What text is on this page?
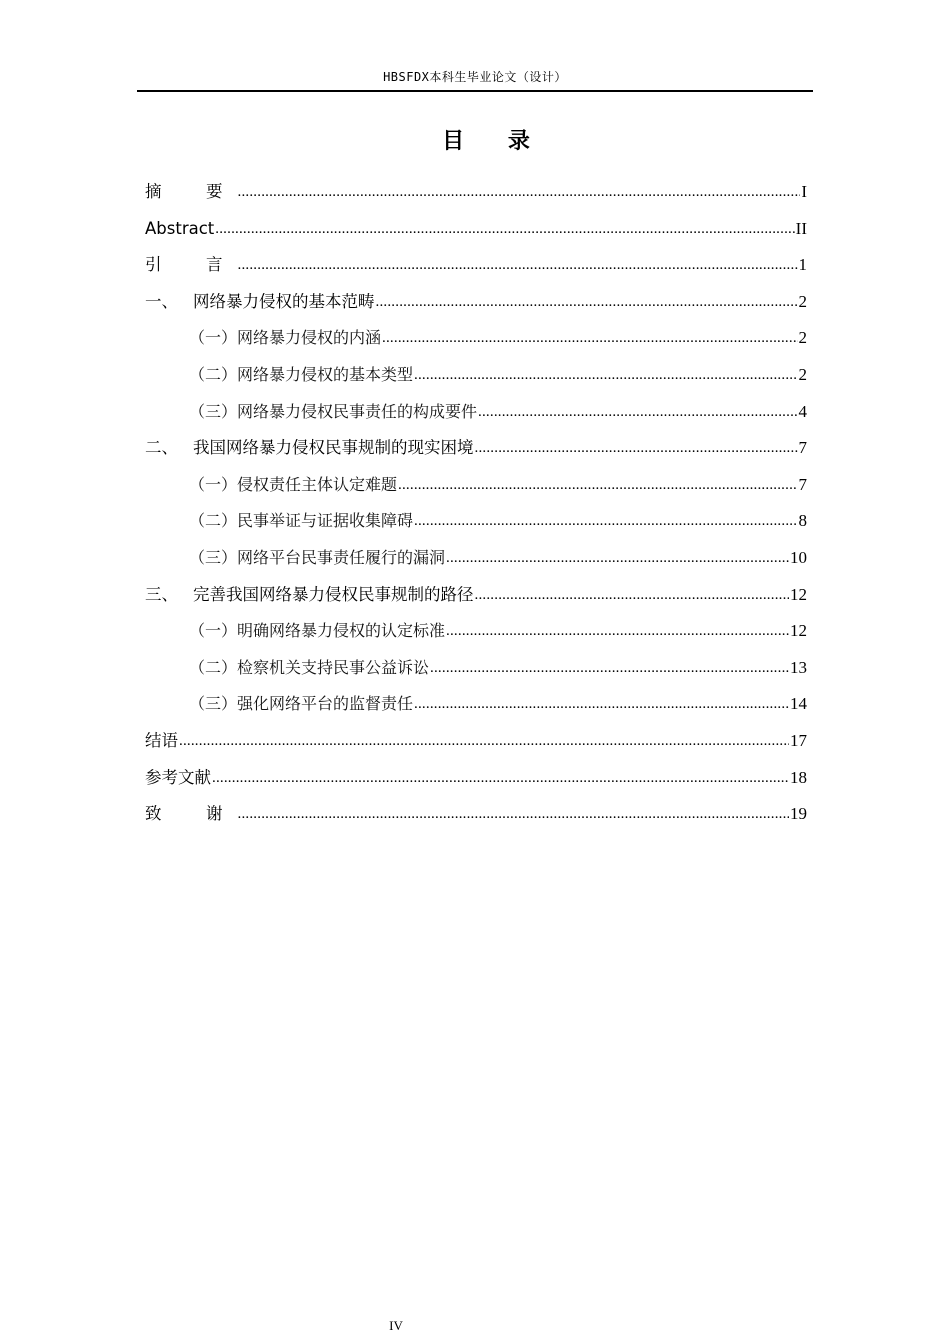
HBSFDX本科生毕业论文（设计）
目 录
摘　要 .....	I
Abstract .....	II
引　言 .....	1
一、 网络暴力侵权的基本范畴 .....	2
（一）网络暴力侵权的内涵 .....	2
（二）网络暴力侵权的基本类型 .....	2
（三）网络暴力侵权民事责任的构成要件 .....	4
二、 我国网络暴力侵权民事规制的现实困境 .....	7
（一）侵权责任主体认定难题 .....	7
（二）民事举证与证据收集障碍 .....	8
（三）网络平台民事责任履行的漏洞 .....	10
三、 完善我国网络暴力侵权民事规制的路径 .....	12
（一）明确网络暴力侵权的认定标准 .....	12
（二）检察机关支持民事公益诉讼 .....	13
（三）强化网络平台的监督责任 .....	14
结语 .....	17
参考文献 .....	18
致　谢 .....	19
IV
